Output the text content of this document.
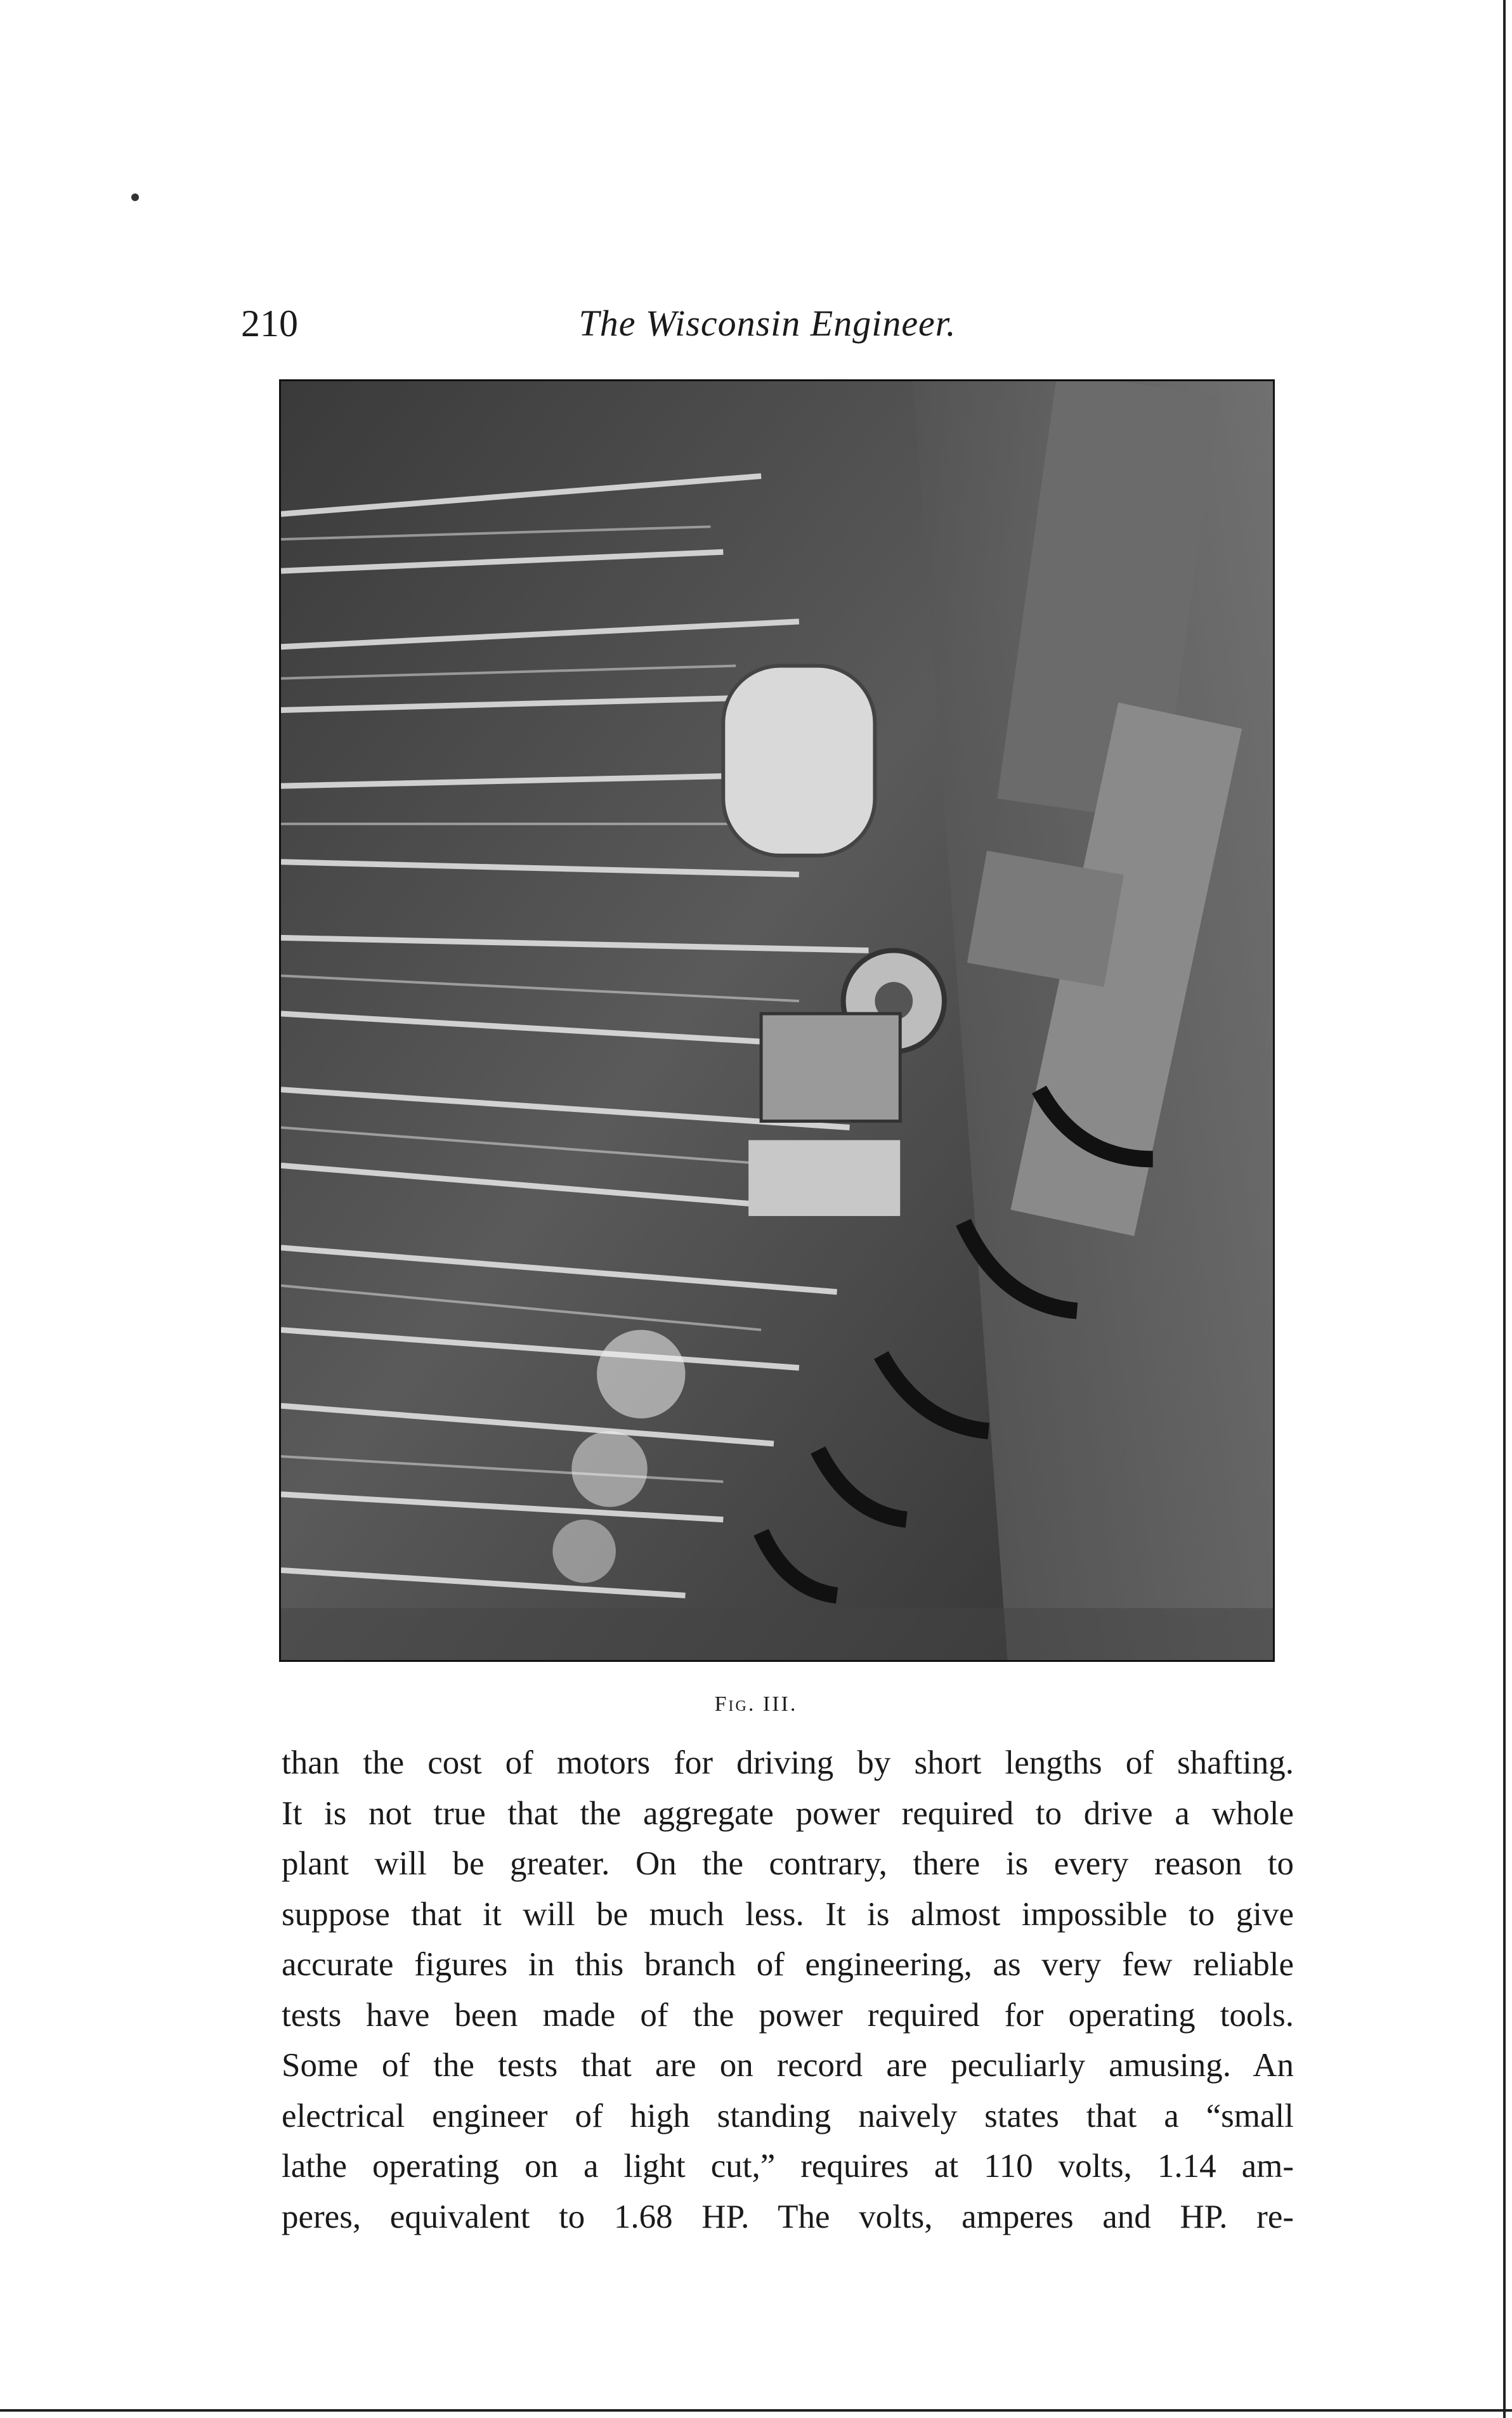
210	The Wisconsin Engineer.
Fig. III.
than the cost of motors for driving by short lengths of shafting.
It is not true that the aggregate power required to drive a whole
plant will be greater. On the contrary, there is every reason to
suppose that it will be much less. It is almost impossible to give
accurate figures in this branch of engineering, as very few reliable
tests have been made of the power required for operating tools.
Some of the tests that are on record are peculiarly amusing. An
electrical engineer of high standing naively states that a “small
lathe operating on a light cut,” requires at 110 volts, 1.14 am-
peres, equivalent to 1.68 HP. The volts, amperes and HP. re-
